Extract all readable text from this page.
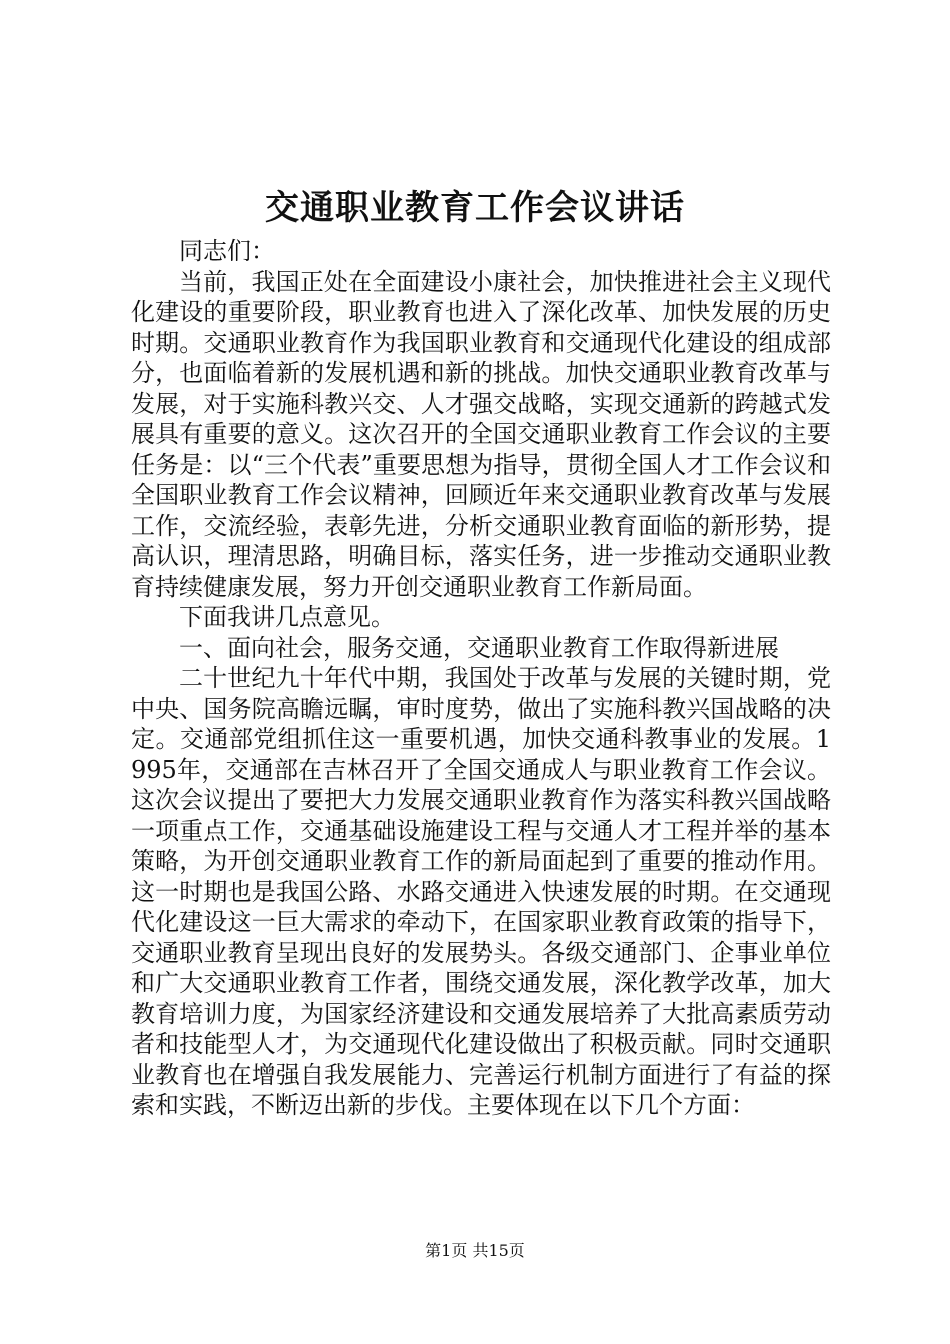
交通职业教育工作会议讲话

同志们：

当前，我国正处在全面建设小康社会，加快推进社会主义现代化建设的重要阶段，职业教育也进入了深化改革、加快发展的历史时期。交通职业教育作为我国职业教育和交通现代化建设的组成部分，也面临着新的发展机遇和新的挑战。加快交通职业教育改革与发展，对于实施科教兴交、人才强交战略，实现交通新的跨越式发展具有重要的意义。这次召开的全国交通职业教育工作会议的主要任务是：以“三个代表”重要思想为指导，贯彻全国人才工作会议和全国职业教育工作会议精神，回顾近年来交通职业教育改革与发展工作，交流经验，表彰先进，分析交通职业教育面临的新形势，提高认识，理清思路，明确目标，落实任务，进一步推动交通职业教育持续健康发展，努力开创交通职业教育工作新局面。

下面我讲几点意见。

一、面向社会，服务交通，交通职业教育工作取得新进展

二十世纪九十年代中期，我国处于改革与发展的关键时期，党中央、国务院高瞻远瞩，审时度势，做出了实施科教兴国战略的决定。交通部党组抓住这一重要机遇，加快交通科教事业的发展。1995年，交通部在吉林召开了全国交通成人与职业教育工作会议。这次会议提出了要把大力发展交通职业教育作为落实科教兴国战略一项重点工作，交通基础设施建设工程与交通人才工程并举的基本策略，为开创交通职业教育工作的新局面起到了重要的推动作用。这一时期也是我国公路、水路交通进入快速发展的时期。在交通现代化建设这一巨大需求的牵动下，在国家职业教育政策的指导下，交通职业教育呈现出良好的发展势头。各级交通部门、企事业单位和广大交通职业教育工作者，围绕交通发展，深化教学改革，加大教育培训力度，为国家经济建设和交通发展培养了大批高素质劳动者和技能型人才，为交通现代化建设做出了积极贡献。同时交通职业教育也在增强自我发展能力、完善运行机制方面进行了有益的探索和实践，不断迈出新的步伐。主要体现在以下几个方面：

第1页 共15页
